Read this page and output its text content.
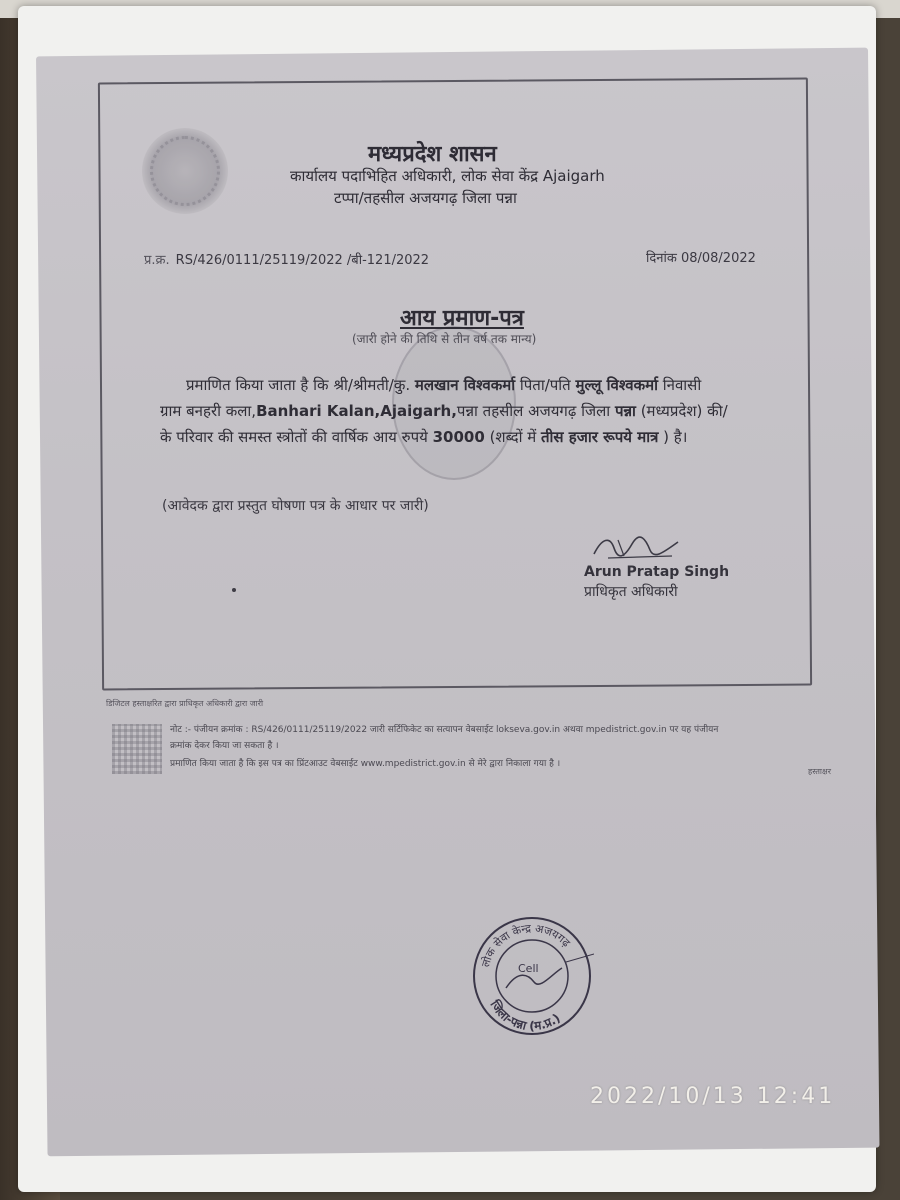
मध्यप्रदेश शासन
कार्यालय पदाभिहित अधिकारी, लोक सेवा केंद्र Ajaigarh
टप्पा/तहसील अजयगढ़ जिला पन्ना
प्र.क्र. RS/426/0111/25119/2022 /बी-121/2022	दिनांक 08/08/2022
आय प्रमाण-पत्र
(जारी होने की तिथि से तीन वर्ष तक मान्य)
प्रमाणित किया जाता है कि श्री/श्रीमती/कु. मलखान विश्वकर्मा पिता/पति मुल्लू विश्वकर्मा निवासी
ग्राम बनहरी कला,Banhari Kalan,Ajaigarh,पन्ना तहसील अजयगढ़ जिला पन्ना (मध्यप्रदेश) की/
के परिवार की समस्त स्त्रोतों की वार्षिक आय रुपये 30000 (शब्दों में तीस हजार रूपये मात्र ) है।
(आवेदक द्वारा प्रस्तुत घोषणा पत्र के आधार पर जारी)
Arun Pratap Singh
प्राधिकृत अधिकारी
डिजिटल हस्ताक्षरित द्वारा प्राधिकृत अधिकारी द्वारा जारी
नोट :- पंजीयन क्रमांक : RS/426/0111/25119/2022 जारी सर्टिफिकेट का सत्यापन वेबसाईट lokseva.gov.in अथवा mpedistrict.gov.in पर यह पंजीयन
क्रमांक देकर किया जा सकता है ।
प्रमाणित किया जाता है कि इस पत्र का प्रिंटआउट वेबसाईट www.mpedistrict.gov.in से मेरे द्वारा निकाला गया है ।
हस्ताक्षर
लोक सेवा केन्द्र अजयगढ़
जिला-पन्ना (म.प्र.)
Cell
2022/10/13 12:41
